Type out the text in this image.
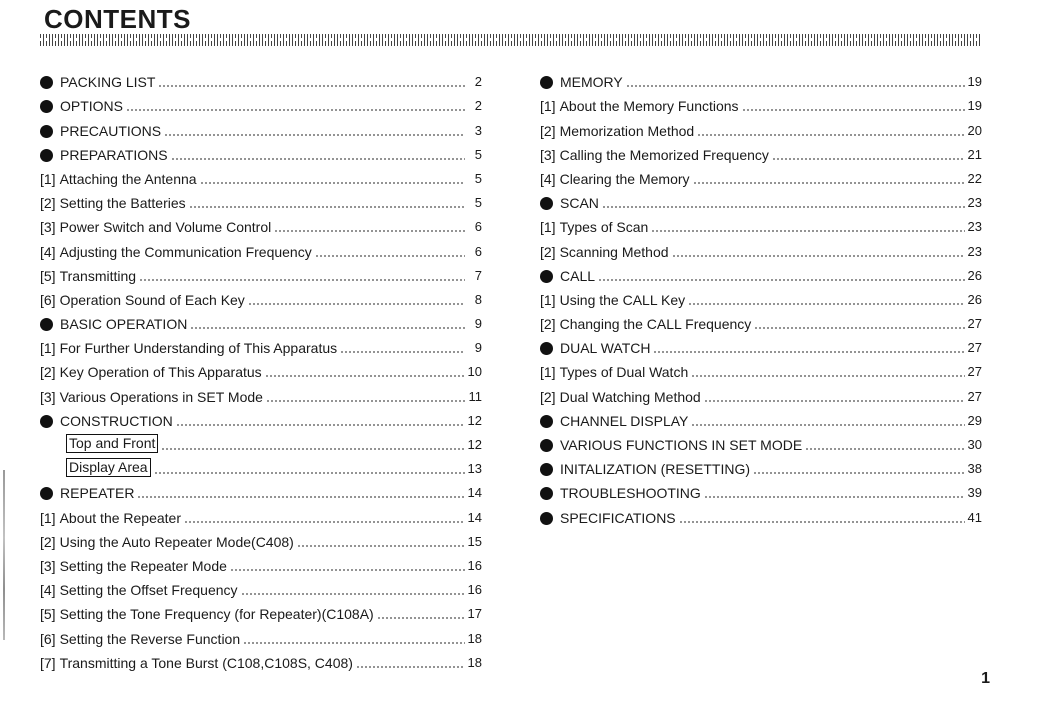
CONTENTS
PACKING LIST	2
OPTIONS	2
PRECAUTIONS	3
PREPARATIONS	5
[1] Attaching the Antenna	5
[2] Setting the Batteries	5
[3] Power Switch and Volume Control	6
[4] Adjusting the Communication Frequency	6
[5] Transmitting	7
[6] Operation Sound of Each Key	8
BASIC OPERATION	9
[1] For Further Understanding of This Apparatus	9
[2] Key Operation of This Apparatus	10
[3] Various Operations in SET Mode	11
CONSTRUCTION	12
Top and Front	12
Display Area	13
REPEATER	14
[1] About the Repeater	14
[2] Using the Auto Repeater Mode(C408)	15
[3] Setting the Repeater Mode	16
[4] Setting the Offset Frequency	16
[5] Setting the Tone Frequency (for Repeater)(C108A)	17
[6] Setting the Reverse Function	18
[7] Transmitting a Tone Burst (C108,C108S, C408)	18
MEMORY	19
[1] About the Memory Functions	19
[2] Memorization Method	20
[3] Calling the Memorized Frequency	21
[4] Clearing the Memory	22
SCAN	23
[1] Types of Scan	23
[2] Scanning Method	23
CALL	26
[1] Using the CALL Key	26
[2] Changing the CALL Frequency	27
DUAL WATCH	27
[1] Types of Dual Watch	27
[2] Dual Watching Method	27
CHANNEL DISPLAY	29
VARIOUS FUNCTIONS IN SET MODE	30
INITALIZATION (RESETTING)	38
TROUBLESHOOTING	39
SPECIFICATIONS	41
1
